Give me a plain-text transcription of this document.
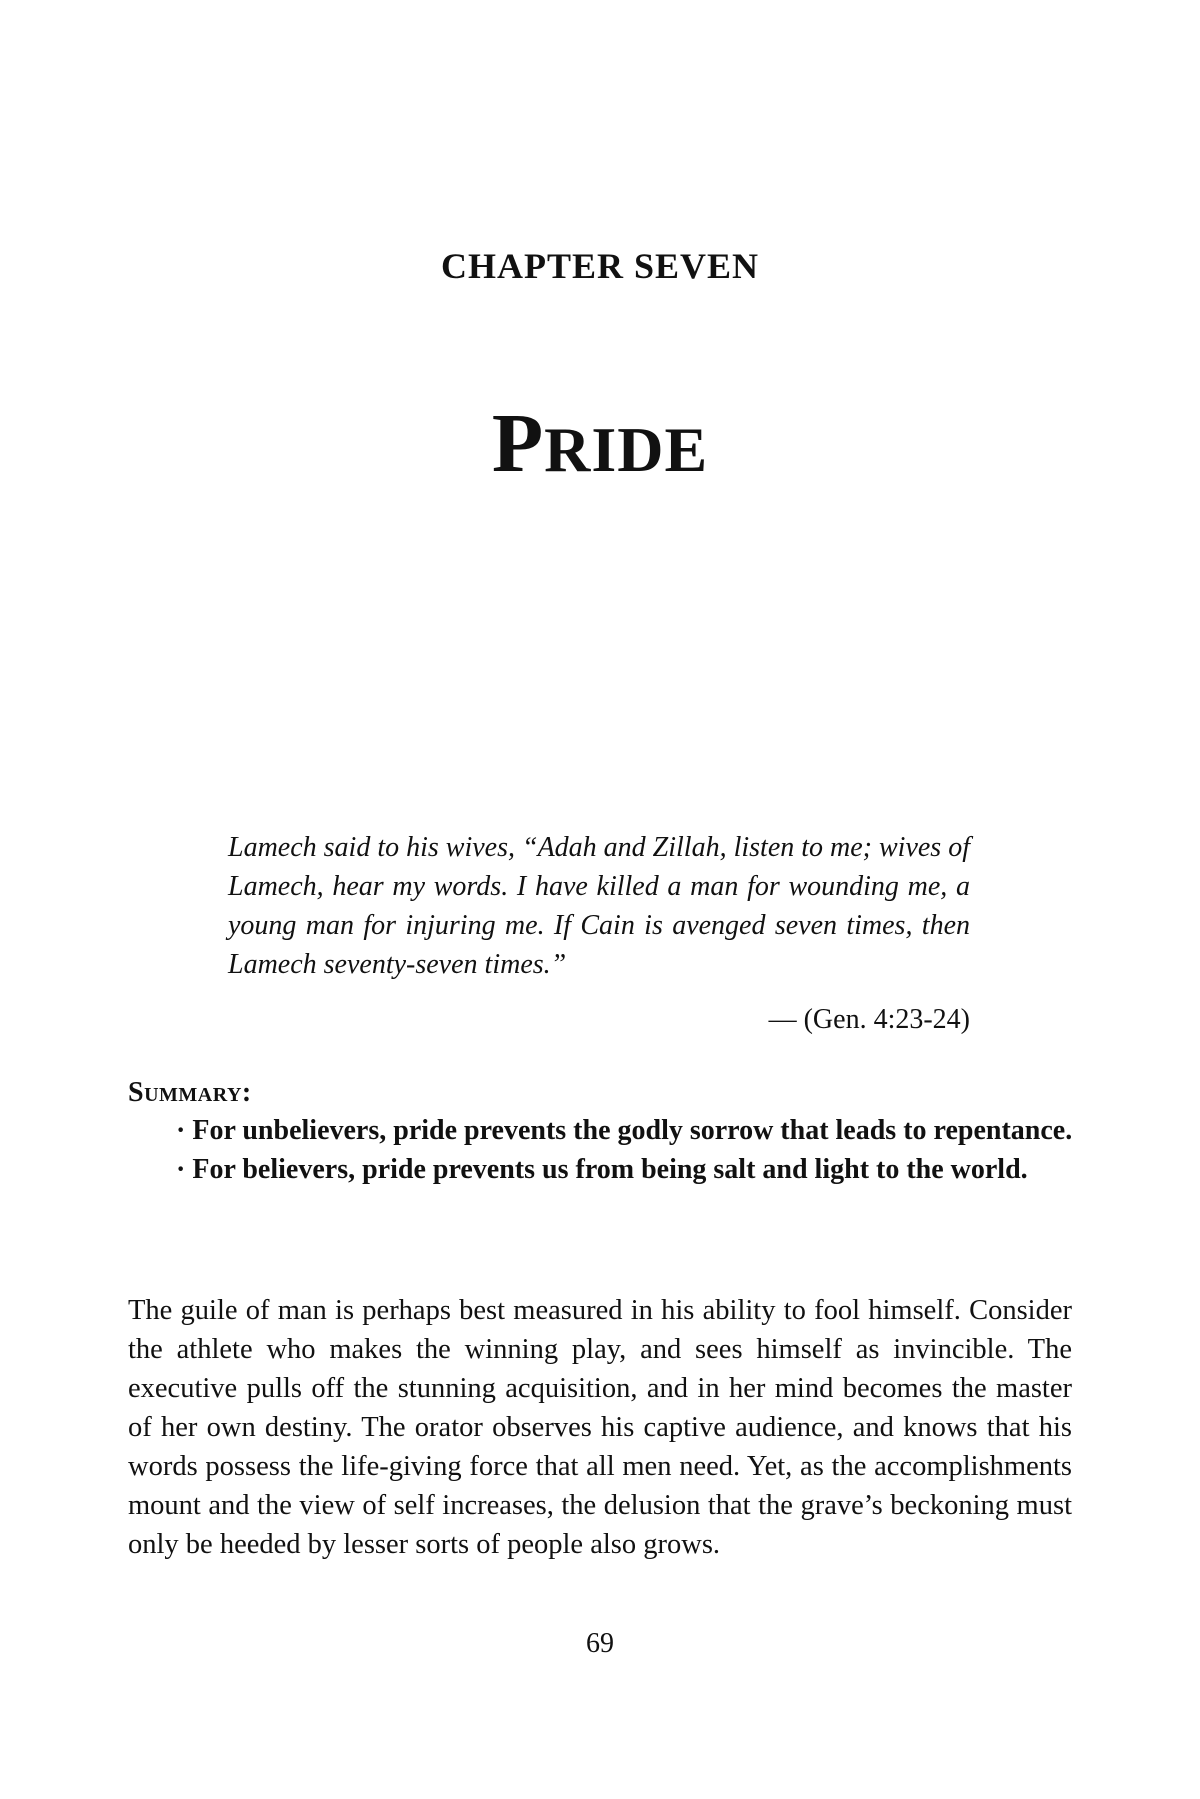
CHAPTER SEVEN
PRIDE
Lamech said to his wives, “Adah and Zillah, listen to me; wives of Lamech, hear my words. I have killed a man for wounding me, a young man for injuring me. If Cain is avenged seven times, then Lamech seventy-seven times.”
— (Gen. 4:23-24)
Summary:
· For unbelievers, pride prevents the godly sorrow that leads to repentance.
· For believers, pride prevents us from being salt and light to the world.

The guile of man is perhaps best measured in his ability to fool himself. Consider the athlete who makes the winning play, and sees himself as invincible. The executive pulls off the stunning acquisition, and in her mind becomes the master of her own destiny. The orator observes his captive audience, and knows that his words possess the life-giving force that all men need. Yet, as the accomplishments mount and the view of self increases, the delusion that the grave’s beckoning must only be heeded by lesser sorts of people also grows.

69
